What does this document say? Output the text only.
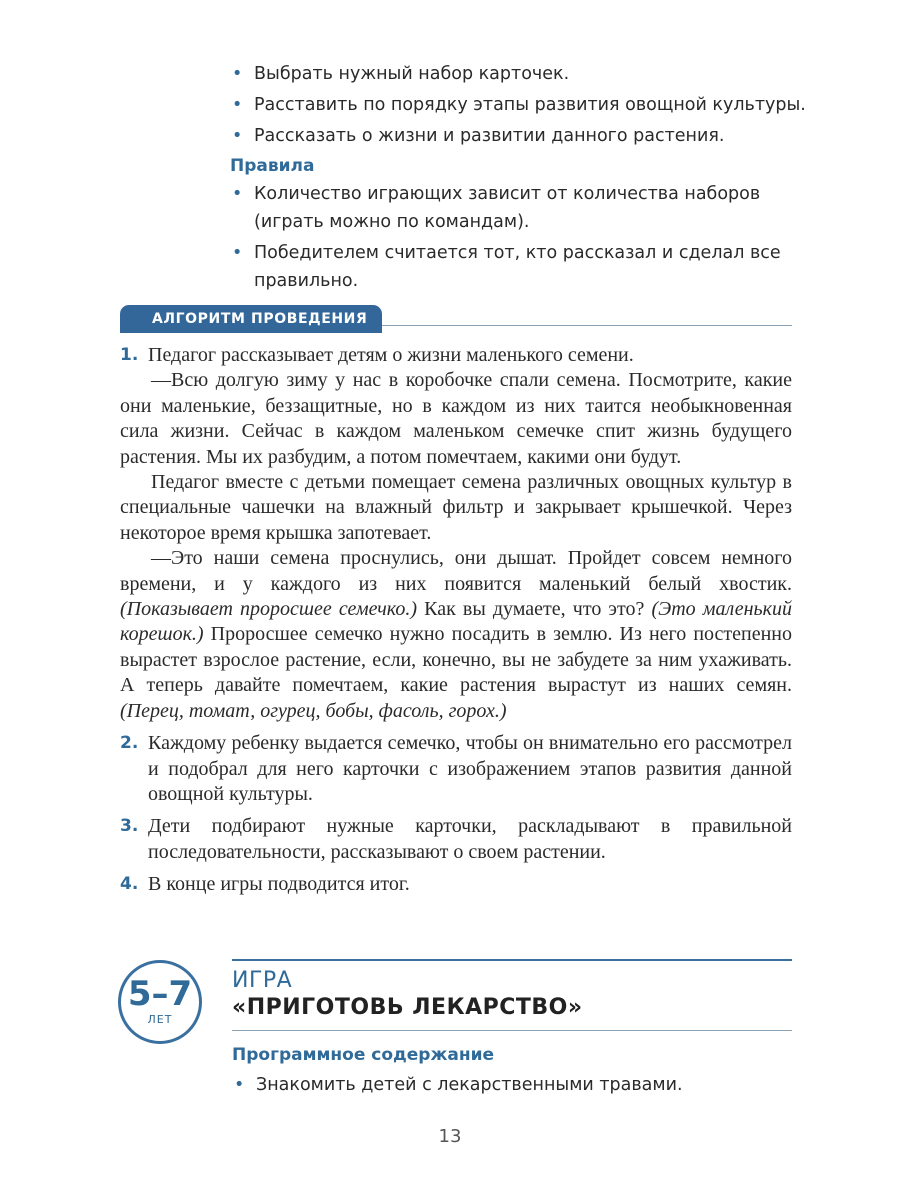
• Выбрать нужный набор карточек.
• Расставить по порядку этапы развития овощной культуры.
• Рассказать о жизни и развитии данного растения.
Правила
• Количество играющих зависит от количества наборов (играть можно по командам).
• Победителем считается тот, кто рассказал и сделал все правильно.
АЛГОРИТМ ПРОВЕДЕНИЯ
1. Педагог рассказывает детям о жизни маленького семени.
—Всю долгую зиму у нас в коробочке спали семена. Посмотрите, какие они маленькие, беззащитные, но в каждом из них таится необыкновенная сила жизни. Сейчас в каждом маленьком семечке спит жизнь будущего растения. Мы их разбудим, а потом помечтаем, какими они будут.
Педагог вместе с детьми помещает семена различных овощных культур в специальные чашечки на влажный фильтр и закрывает крышечкой. Через некоторое время крышка запотевает.
—Это наши семена проснулись, они дышат. Пройдет совсем немного времени, и у каждого из них появится маленький белый хвостик. (Показывает проросшее семечко.) Как вы думаете, что это? (Это маленький корешок.) Проросшее семечко нужно посадить в землю. Из него постепенно вырастет взрослое растение, если, конечно, вы не забудете за ним ухаживать. А теперь давайте помечтаем, какие растения вырастут из наших семян. (Перец, томат, огурец, бобы, фасоль, горох.)
2. Каждому ребенку выдается семечко, чтобы он внимательно его рассмотрел и подобрал для него карточки с изображением этапов развития данной овощной культуры.
3. Дети подбирают нужные карточки, раскладывают в правильной последовательности, рассказывают о своем растении.
4. В конце игры подводится итог.
5–7
ЛЕТ
ИГРА
«ПРИГОТОВЬ ЛЕКАРСТВО»
Программное содержание
• Знакомить детей с лекарственными травами.
13
